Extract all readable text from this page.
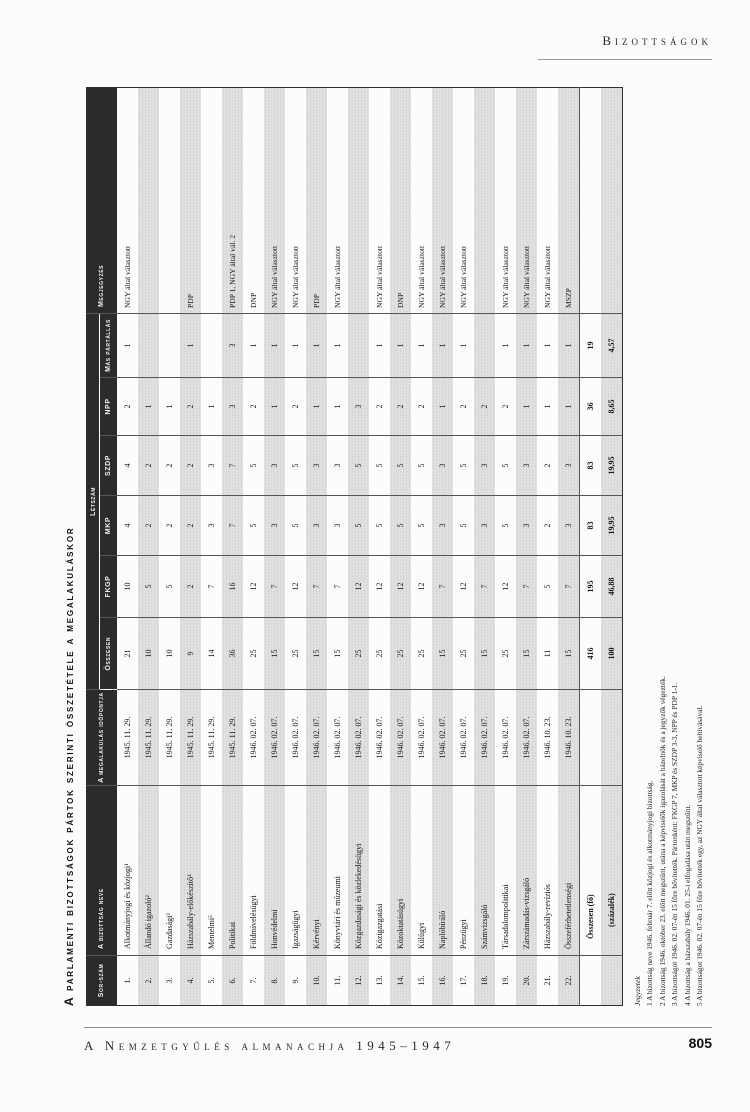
Bizottságok
A parlamenti bizottságok pártok szerinti összetétele a megalakuláskor	Sor-szám	A bizottság neve	A megalakulás időpontja	Létszám						Megjegyzés
			Összesen	FKGP	MKP	SZDP	NPP	Más pártállás	
1.	Alkotmányjogi és közjogi¹	1945. 11. 29.	21	10	4	4	2	1	NGY által választott
2.	Állandó igazoló²	1945. 11. 29.	10	5	2	2	1		
3.	Gazdasági³	1945. 11. 29.	10	5	2	2	1		
4.	Házszabály-előkészítő⁴	1945. 11. 29.	9	2	2	2	2	1	PDP
5.	Mentelmi⁵	1945. 11. 29.	14	7	3	3	1		
6.	Politikai	1945. 11. 29.	36	16	7	7	3	3	PDP 1, NGY által vál. 2
7.	Földmívelésügyi	1946. 02. 07.	25	12	5	5	2	1	DNP
8.	Honvédelmi	1946. 02. 07.	15	7	3	3	1	1	NGY által választott
9.	Igazságügyi	1946. 02. 07.	25	12	5	5	2	1	NGY által választott
10.	Kérvényi	1946. 02. 07.	15	7	3	3	1	1	PDP
11.	Könyvtári és múzeumi	1946. 02. 07.	15	7	3	3	1	1	NGY által választott
12.	Közgazdasági és közlekedésügyi	1946. 02. 07.	25	12	5	5	3		
13.	Közigazgatási	1946. 02. 07.	25	12	5	5	2	1	NGY által választott
14.	Közoktatásügyi	1946. 02. 07.	25	12	5	5	2	1	DNP
15.	Külügyi	1946. 02. 07.	25	12	5	5	2	1	NGY által választott
16.	Naplóbíráló	1946. 02. 07.	15	7	3	3	1	1	NGY által választott
17.	Pénzügyi	1946. 02. 07.	25	12	5	5	2	1	NGY által választott
18.	Számvizsgáló	1946. 02. 07.	15	7	3	3	2		
19.	Társadalompolitikai	1946. 02. 07.	25	12	5	5	2	1	NGY által választott
20.	Zárszámadás-vizsgáló	1946. 02. 07.	15	7	3	3	1	1	NGY által választott
21.	Házszabály-revíziós	1946. 10. 23.	11	5	2	2	1	1	NGY által választott
22.	Összeférhetetlenségi	1946. 10. 23.	15	7	3	3	1	1	MSZP
	Összesen (fő)		416	195	83	83	36	19	
	(százalék)		100	46,88	19,95	19,95	8,65	4,57	
Jegyzetek 1 A bizottság neve 1946. február 7. előtt közjogi és alkotmányjogi bizottság. 2 A bizottság 1946. október 23. előtt megszűnt, utána a képviselők igazolását a házelnök és a jegyzők végezték. 3 A bizottságot 1946. 02. 07-én 15 főre bővítették. Pártonként: FKGP 7, MKP és SZDP 3-3, NPP és PDP 1-1. 4 A bizottság a házszabály 1946. 01. 25-i elfogadása után megszűnt. 5 A bizottságot 1946. 02. 07-én 15 főre bővítették egy, az NGY által választott képviselő behívásával.
A Nemzetgyűlés almanachja 1945–1947	805
